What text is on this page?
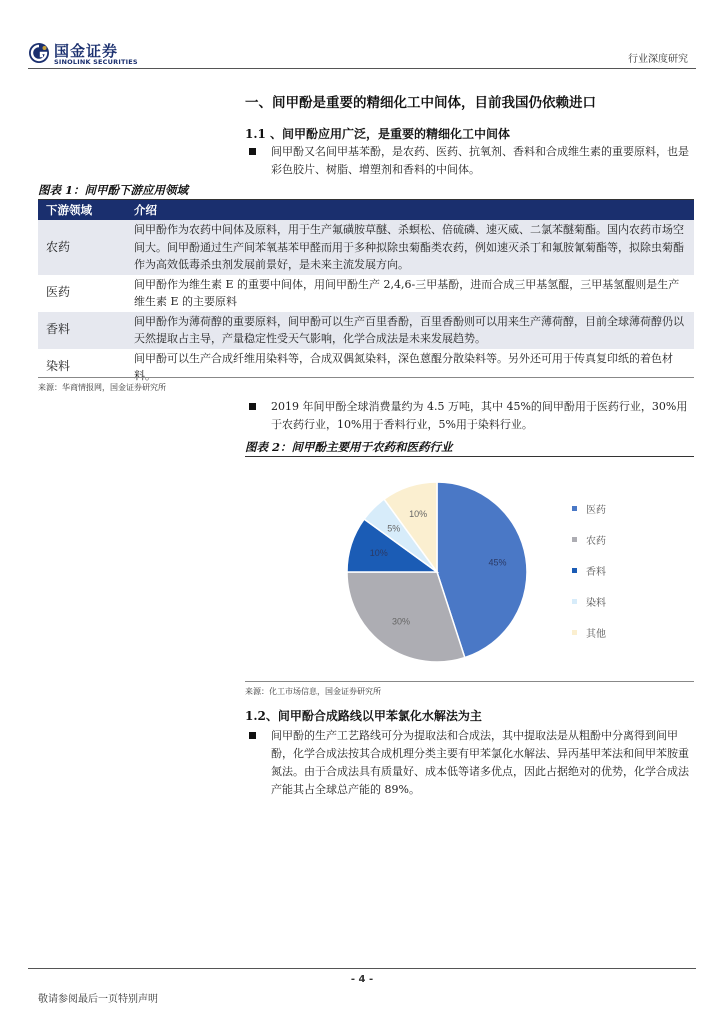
国金证券
SINOLINK SECURITIES	行业深度研究
一、间甲酚是重要的精细化工中间体，目前我国仍依赖进口
1.1 、间甲酚应用广泛，是重要的精细化工中间体
间甲酚又名间甲基苯酚，是农药、医药、抗氧剂、香料和合成维生素的重要原料，也是彩色胶片、树脂、增塑剂和香料的中间体。
图表 1：间甲酚下游应用领域
下游领域	介绍
农药	间甲酚作为农药中间体及原料，用于生产氟磺胺草醚、杀螟松、倍硫磷、速灭威、二氯苯醚菊酯。国内农药市场空间大。间甲酚通过生产间苯氧基苯甲醛而用于多种拟除虫菊酯类农药，例如速灭杀丁和氟胺氰菊酯等，拟除虫菊酯作为高效低毒杀虫剂发展前景好，是未来主流发展方向。
医药	间甲酚作为维生素 E 的重要中间体，用间甲酚生产 2,4,6-三甲基酚，进而合成三甲基氢醌，三甲基氢醌则是生产维生素 E 的主要原料
香料	间甲酚作为薄荷醇的重要原料，间甲酚可以生产百里香酚，百里香酚则可以用来生产薄荷醇，目前全球薄荷醇仍以天然提取占主导，产量稳定性受天气影响，化学合成法是未来发展趋势。
染料	间甲酚可以生产合成纤维用染料等，合成双偶氮染料，深色蒽醌分散染料等。另外还可用于传真复印纸的着色材料。
来源：华商情报网，国金证券研究所
2019 年间甲酚全球消费量约为 4.5 万吨，其中 45%的间甲酚用于医药行业，30%用于农药行业，10%用于香料行业，5%用于染料行业。
图表 2：间甲酚主要用于农药和医药行业
45%
30%
10%
5%
10%	医药
农药
香料
染料
其他
来源：化工市场信息，国金证券研究所
1.2、间甲酚合成路线以甲苯氯化水解法为主
间甲酚的生产工艺路线可分为提取法和合成法，其中提取法是从粗酚中分离得到间甲酚，化学合成法按其合成机理分类主要有甲苯氯化水解法、异丙基甲苯法和间甲苯胺重氮法。由于合成法具有质量好、成本低等诸多优点，因此占据绝对的优势，化学合成法产能其占全球总产能的 89%。
- 4 -
敬请参阅最后一页特别声明
